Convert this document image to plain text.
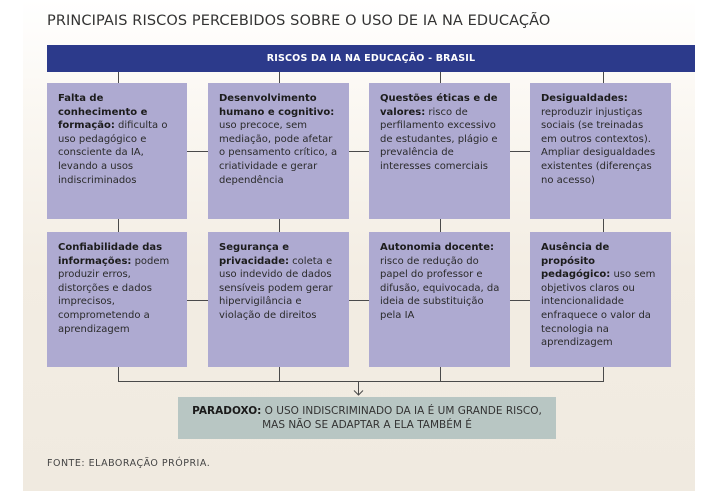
PRINCIPAIS RISCOS PERCEBIDOS SOBRE O USO DE IA NA EDUCAÇÃO
RISCOS DA IA NA EDUCAÇÃO - BRASIL
Falta de conhecimento e formação: dificulta o uso pedagógico e consciente da IA, levando a usos indiscriminados
Desenvolvimento humano e cognitivo: uso precoce, sem mediação, pode afetar o pensamento crítico, a criatividade e gerar dependência
Questões éticas e de valores: risco de perfilamento excessivo de estudantes, plágio e prevalência de interesses comerciais
Desigualdades: reproduzir injustiças sociais (se treinadas em outros contextos). Ampliar desigualdades existentes (diferenças no acesso)
Confiabilidade das informações: podem produzir erros, distorções e dados imprecisos, comprometendo a aprendizagem
Segurança e privacidade: coleta e uso indevido de dados sensíveis podem gerar hipervigilância e violação de direitos
Autonomia docente: risco de redução do papel do professor e difusão, equivocada, da ideia de substituição pela IA
Ausência de propósito pedagógico: uso sem objetivos claros ou intencionalidade enfraquece o valor da tecnologia na aprendizagem
PARADOXO: O USO INDISCRIMINADO DA IA É UM GRANDE RISCO, MAS NÃO SE ADAPTAR A ELA TAMBÉM É
FONTE: ELABORAÇÃO PRÓPRIA.
